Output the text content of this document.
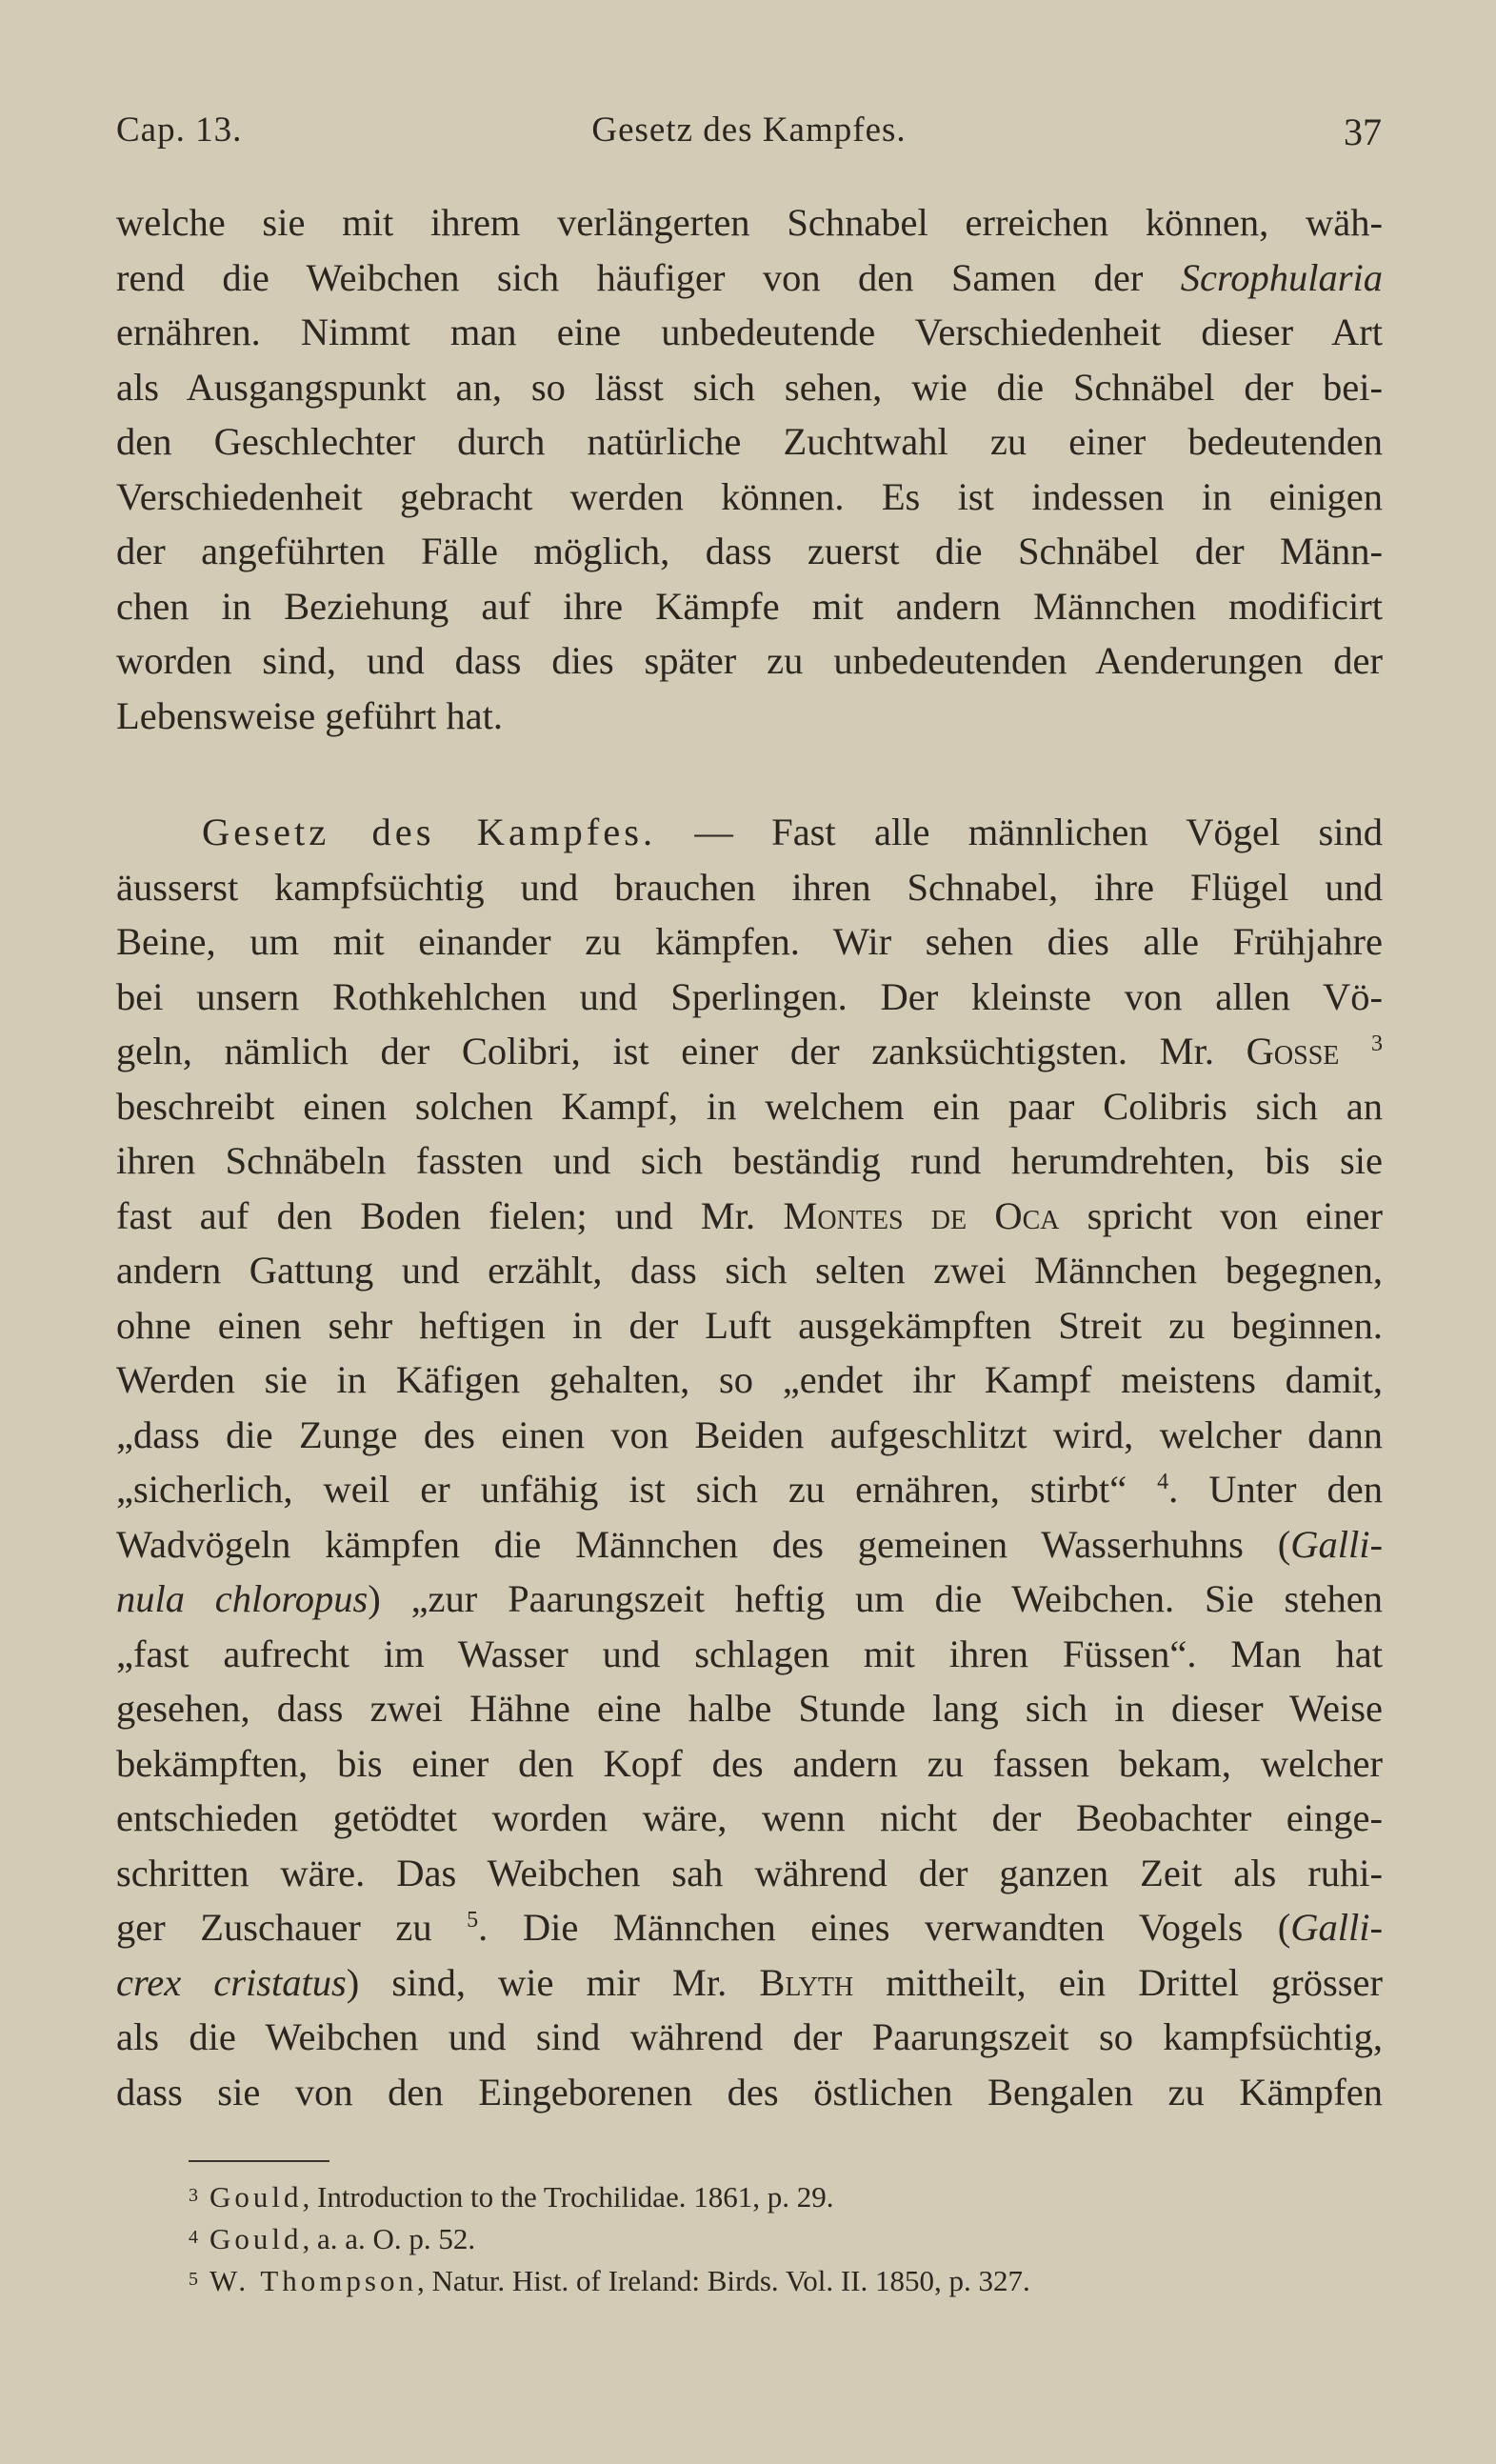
Cap. 13.	Gesetz des Kampfes.	37
welche sie mit ihrem verlängerten Schnabel erreichen können, wäh-
rend die Weibchen sich häufiger von den Samen der Scrophularia
ernähren. Nimmt man eine unbedeutende Verschiedenheit dieser Art
als Ausgangspunkt an, so lässt sich sehen, wie die Schnäbel der bei-
den Geschlechter durch natürliche Zuchtwahl zu einer bedeutenden
Verschiedenheit gebracht werden können. Es ist indessen in einigen
der angeführten Fälle möglich, dass zuerst die Schnäbel der Männ-
chen in Beziehung auf ihre Kämpfe mit andern Männchen modificirt
worden sind, und dass dies später zu unbedeutenden Aenderungen der
Lebensweise geführt hat.
Gesetz des Kampfes. — Fast alle männlichen Vögel sind
äusserst kampfsüchtig und brauchen ihren Schnabel, ihre Flügel und
Beine, um mit einander zu kämpfen. Wir sehen dies alle Frühjahre
bei unsern Rothkehlchen und Sperlingen. Der kleinste von allen Vö-
geln, nämlich der Colibri, ist einer der zanksüchtigsten. Mr. Gosse $^3$
beschreibt einen solchen Kampf, in welchem ein paar Colibris sich an
ihren Schnäbeln fassten und sich beständig rund herumdrehten, bis sie
fast auf den Boden fielen; und Mr. Montes de Oca spricht von einer
andern Gattung und erzählt, dass sich selten zwei Männchen begegnen,
ohne einen sehr heftigen in der Luft ausgekämpften Streit zu beginnen.
Werden sie in Käfigen gehalten, so „endet ihr Kampf meistens damit,
„dass die Zunge des einen von Beiden aufgeschlitzt wird, welcher dann
„sicherlich, weil er unfähig ist sich zu ernähren, stirbt“ $^4$. Unter den
Wadvögeln kämpfen die Männchen des gemeinen Wasserhuhns (Galli-
nula chloropus) „zur Paarungszeit heftig um die Weibchen. Sie stehen
„fast aufrecht im Wasser und schlagen mit ihren Füssen“. Man hat
gesehen, dass zwei Hähne eine halbe Stunde lang sich in dieser Weise
bekämpften, bis einer den Kopf des andern zu fassen bekam, welcher
entschieden getödtet worden wäre, wenn nicht der Beobachter einge-
schritten wäre. Das Weibchen sah während der ganzen Zeit als ruhi-
ger Zuschauer zu $^5$. Die Männchen eines verwandten Vogels (Galli-
crex cristatus) sind, wie mir Mr. Blyth mittheilt, ein Drittel grösser
als die Weibchen und sind während der Paarungszeit so kampfsüchtig,
dass sie von den Eingeborenen des östlichen Bengalen zu Kämpfen
3 Gould, Introduction to the Trochilidae. 1861, p. 29.
4 Gould, a. a. O. p. 52.
5 W. Thompson, Natur. Hist. of Ireland: Birds. Vol. II. 1850, p. 327.
